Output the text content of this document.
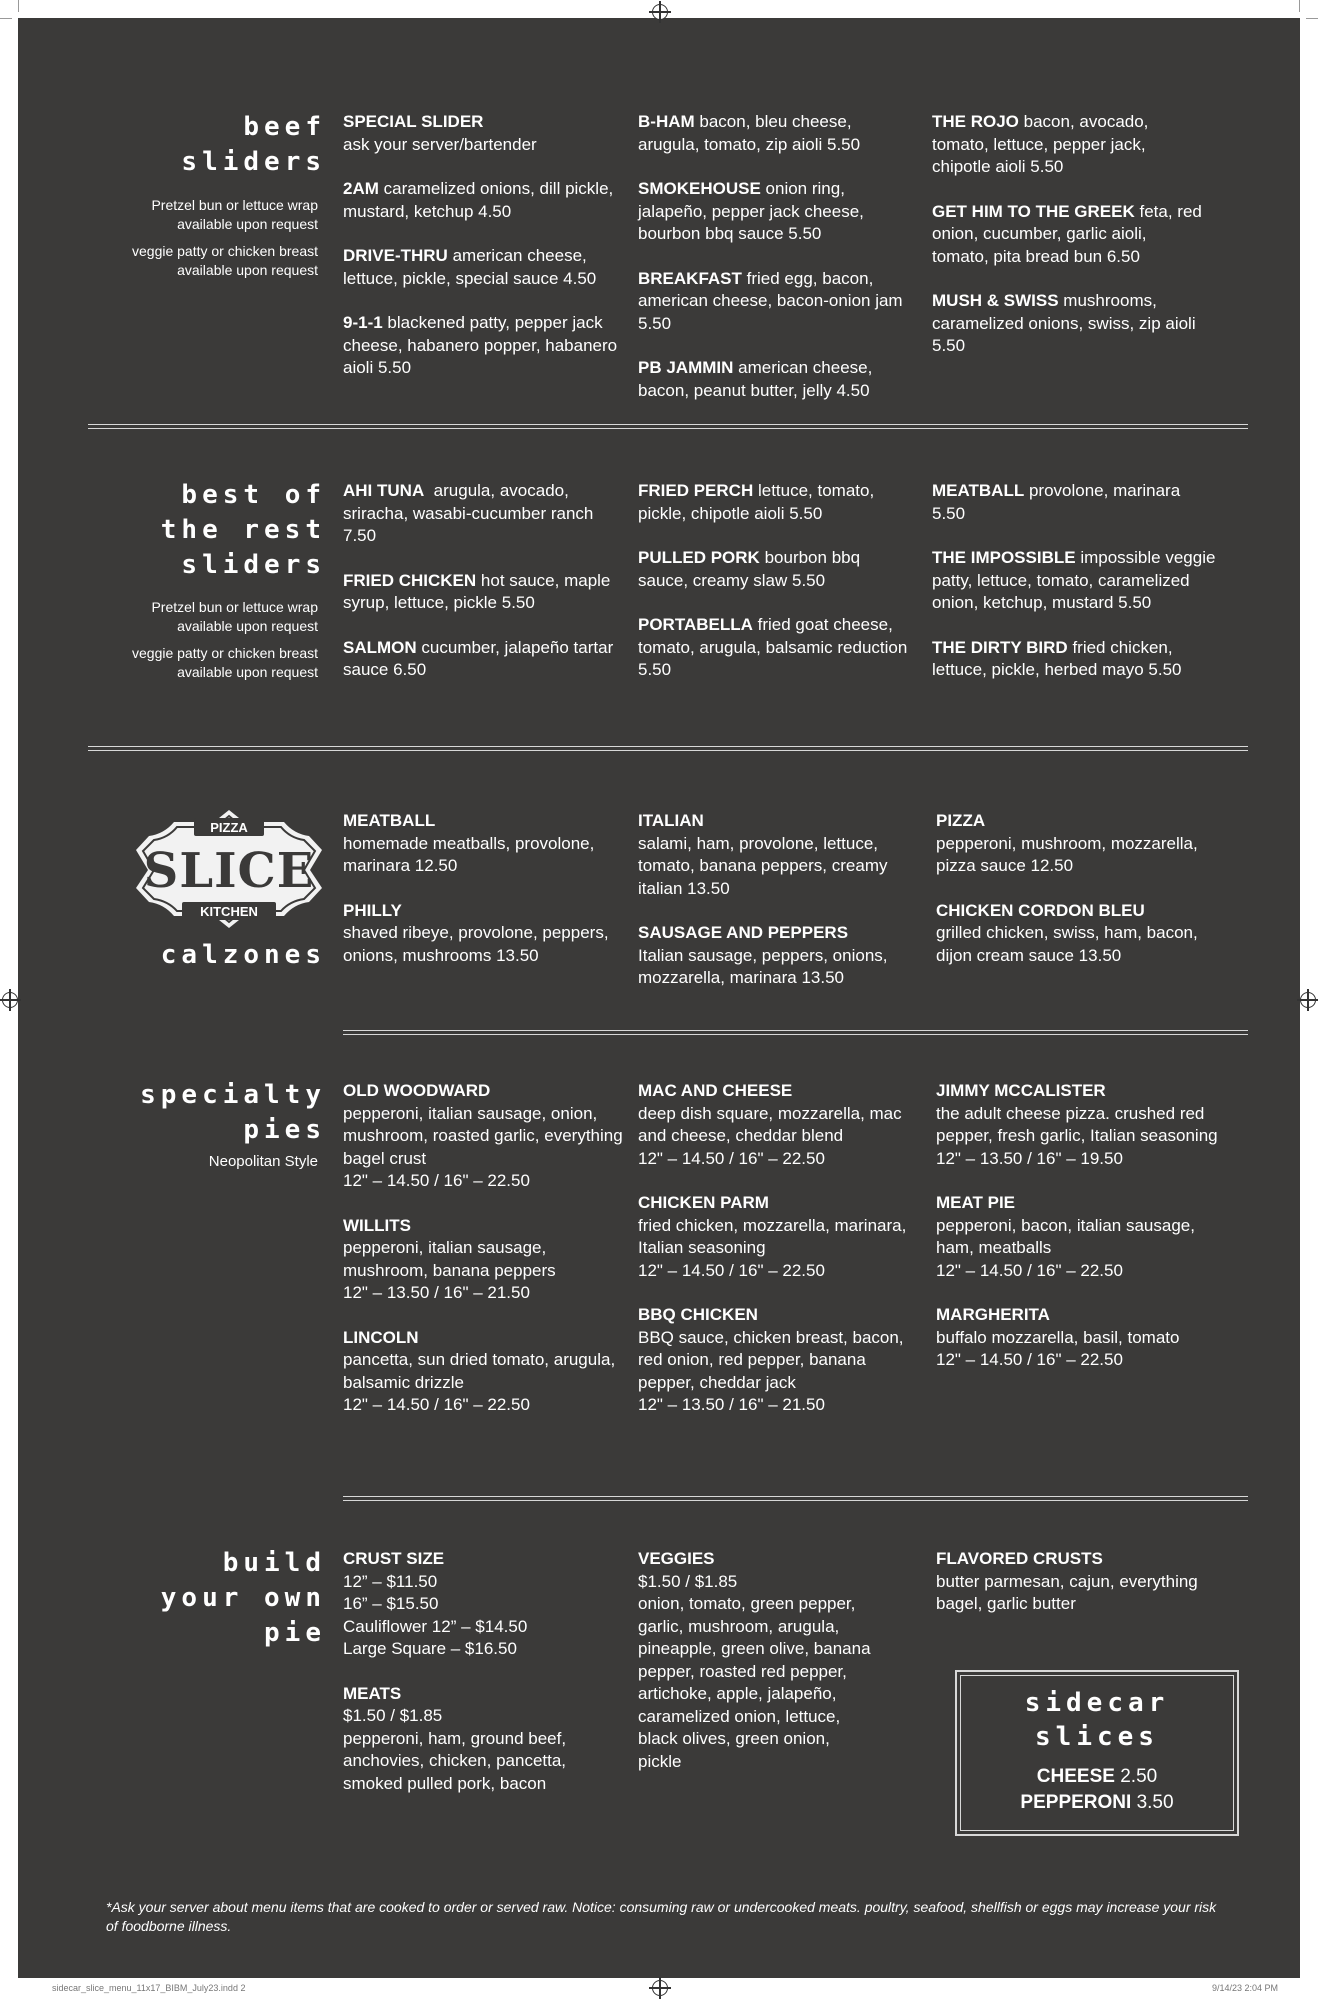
beef
sliders
Pretzel bun or lettuce wrap available upon request
veggie patty or chicken breast available upon request
SPECIAL SLIDER
ask your server/bartender
2AM caramelized onions, dill pickle, mustard, ketchup 4.50
DRIVE-THRU american cheese, lettuce, pickle, special sauce 4.50
9-1-1 blackened patty, pepper jack cheese, habanero popper, habanero aioli 5.50
B-HAM bacon, bleu cheese, arugula, tomato, zip aioli 5.50
SMOKEHOUSE onion ring, jalapeño, pepper jack cheese, bourbon bbq sauce 5.50
BREAKFAST fried egg, bacon, american cheese, bacon-onion jam 5.50
PB JAMMIN american cheese, bacon, peanut butter, jelly 4.50
THE ROJO bacon, avocado, tomato, lettuce, pepper jack, chipotle aioli 5.50
GET HIM TO THE GREEK feta, red onion, cucumber, garlic aioli, tomato, pita bread bun 6.50
MUSH & SWISS mushrooms, caramelized onions, swiss, zip aioli 5.50
best of
the rest
sliders
Pretzel bun or lettuce wrap available upon request
veggie patty or chicken breast available upon request
AHI TUNA arugula, avocado, sriracha, wasabi-cucumber ranch 7.50
FRIED CHICKEN hot sauce, maple syrup, lettuce, pickle 5.50
SALMON cucumber, jalapeño tartar sauce 6.50
FRIED PERCH lettuce, tomato, pickle, chipotle aioli 5.50
PULLED PORK bourbon bbq sauce, creamy slaw 5.50
PORTABELLA fried goat cheese, tomato, arugula, balsamic reduction 5.50
MEATBALL provolone, marinara 5.50
THE IMPOSSIBLE impossible veggie patty, lettuce, tomato, caramelized onion, ketchup, mustard 5.50
THE DIRTY BIRD fried chicken, lettuce, pickle, herbed mayo 5.50
PIZZA
SLICE
KITCHEN
calzones
MEATBALL
homemade meatballs, provolone, marinara 12.50
PHILLY
shaved ribeye, provolone, peppers, onions, mushrooms 13.50
ITALIAN
salami, ham, provolone, lettuce, tomato, banana peppers, creamy italian 13.50
SAUSAGE AND PEPPERS
Italian sausage, peppers, onions, mozzarella, marinara 13.50
PIZZA
pepperoni, mushroom, mozzarella, pizza sauce 12.50
CHICKEN CORDON BLEU
grilled chicken, swiss, ham, bacon, dijon cream sauce 13.50
specialty
pies
Neopolitan Style
OLD WOODWARD
pepperoni, italian sausage, onion, mushroom, roasted garlic, everything bagel crust
12" – 14.50 / 16" – 22.50
WILLITS
pepperoni, italian sausage, mushroom, banana peppers
12" – 13.50 / 16" – 21.50
LINCOLN
pancetta, sun dried tomato, arugula, balsamic drizzle
12" – 14.50 / 16" – 22.50
MAC AND CHEESE
deep dish square, mozzarella, mac and cheese, cheddar blend
12" – 14.50 / 16" – 22.50
CHICKEN PARM
fried chicken, mozzarella, marinara, Italian seasoning
12" – 14.50 / 16" – 22.50
BBQ CHICKEN
BBQ sauce, chicken breast, bacon, red onion, red pepper, banana pepper, cheddar jack
12" – 13.50 / 16" – 21.50
JIMMY MCCALISTER
the adult cheese pizza. crushed red pepper, fresh garlic, Italian seasoning
12" – 13.50 / 16" – 19.50
MEAT PIE
pepperoni, bacon, italian sausage, ham, meatballs
12" – 14.50 / 16" – 22.50
MARGHERITA
buffalo mozzarella, basil, tomato
12" – 14.50 / 16" – 22.50
build
your own
pie
CRUST SIZE
12” – $11.50
16” – $15.50
Cauliflower 12” – $14.50
Large Square – $16.50
MEATS
$1.50 / $1.85
pepperoni, ham, ground beef, anchovies, chicken, pancetta, smoked pulled pork, bacon
VEGGIES
$1.50 / $1.85
onion, tomato, green pepper, garlic, mushroom, arugula, pineapple, green olive, banana pepper, roasted red pepper, artichoke, apple, jalapeño, caramelized onion, lettuce, black olives, green onion, pickle
FLAVORED CRUSTS
butter parmesan, cajun, everything bagel, garlic butter
sidecar
slices
CHEESE 2.50
PEPPERONI 3.50
*Ask your server about menu items that are cooked to order or served raw. Notice: consuming raw or undercooked meats. poultry, seafood, shellfish or eggs may increase your risk of foodborne illness.
sidecar_slice_menu_11x17_BIBM_July23.indd 2	9/14/23 2:04 PM
